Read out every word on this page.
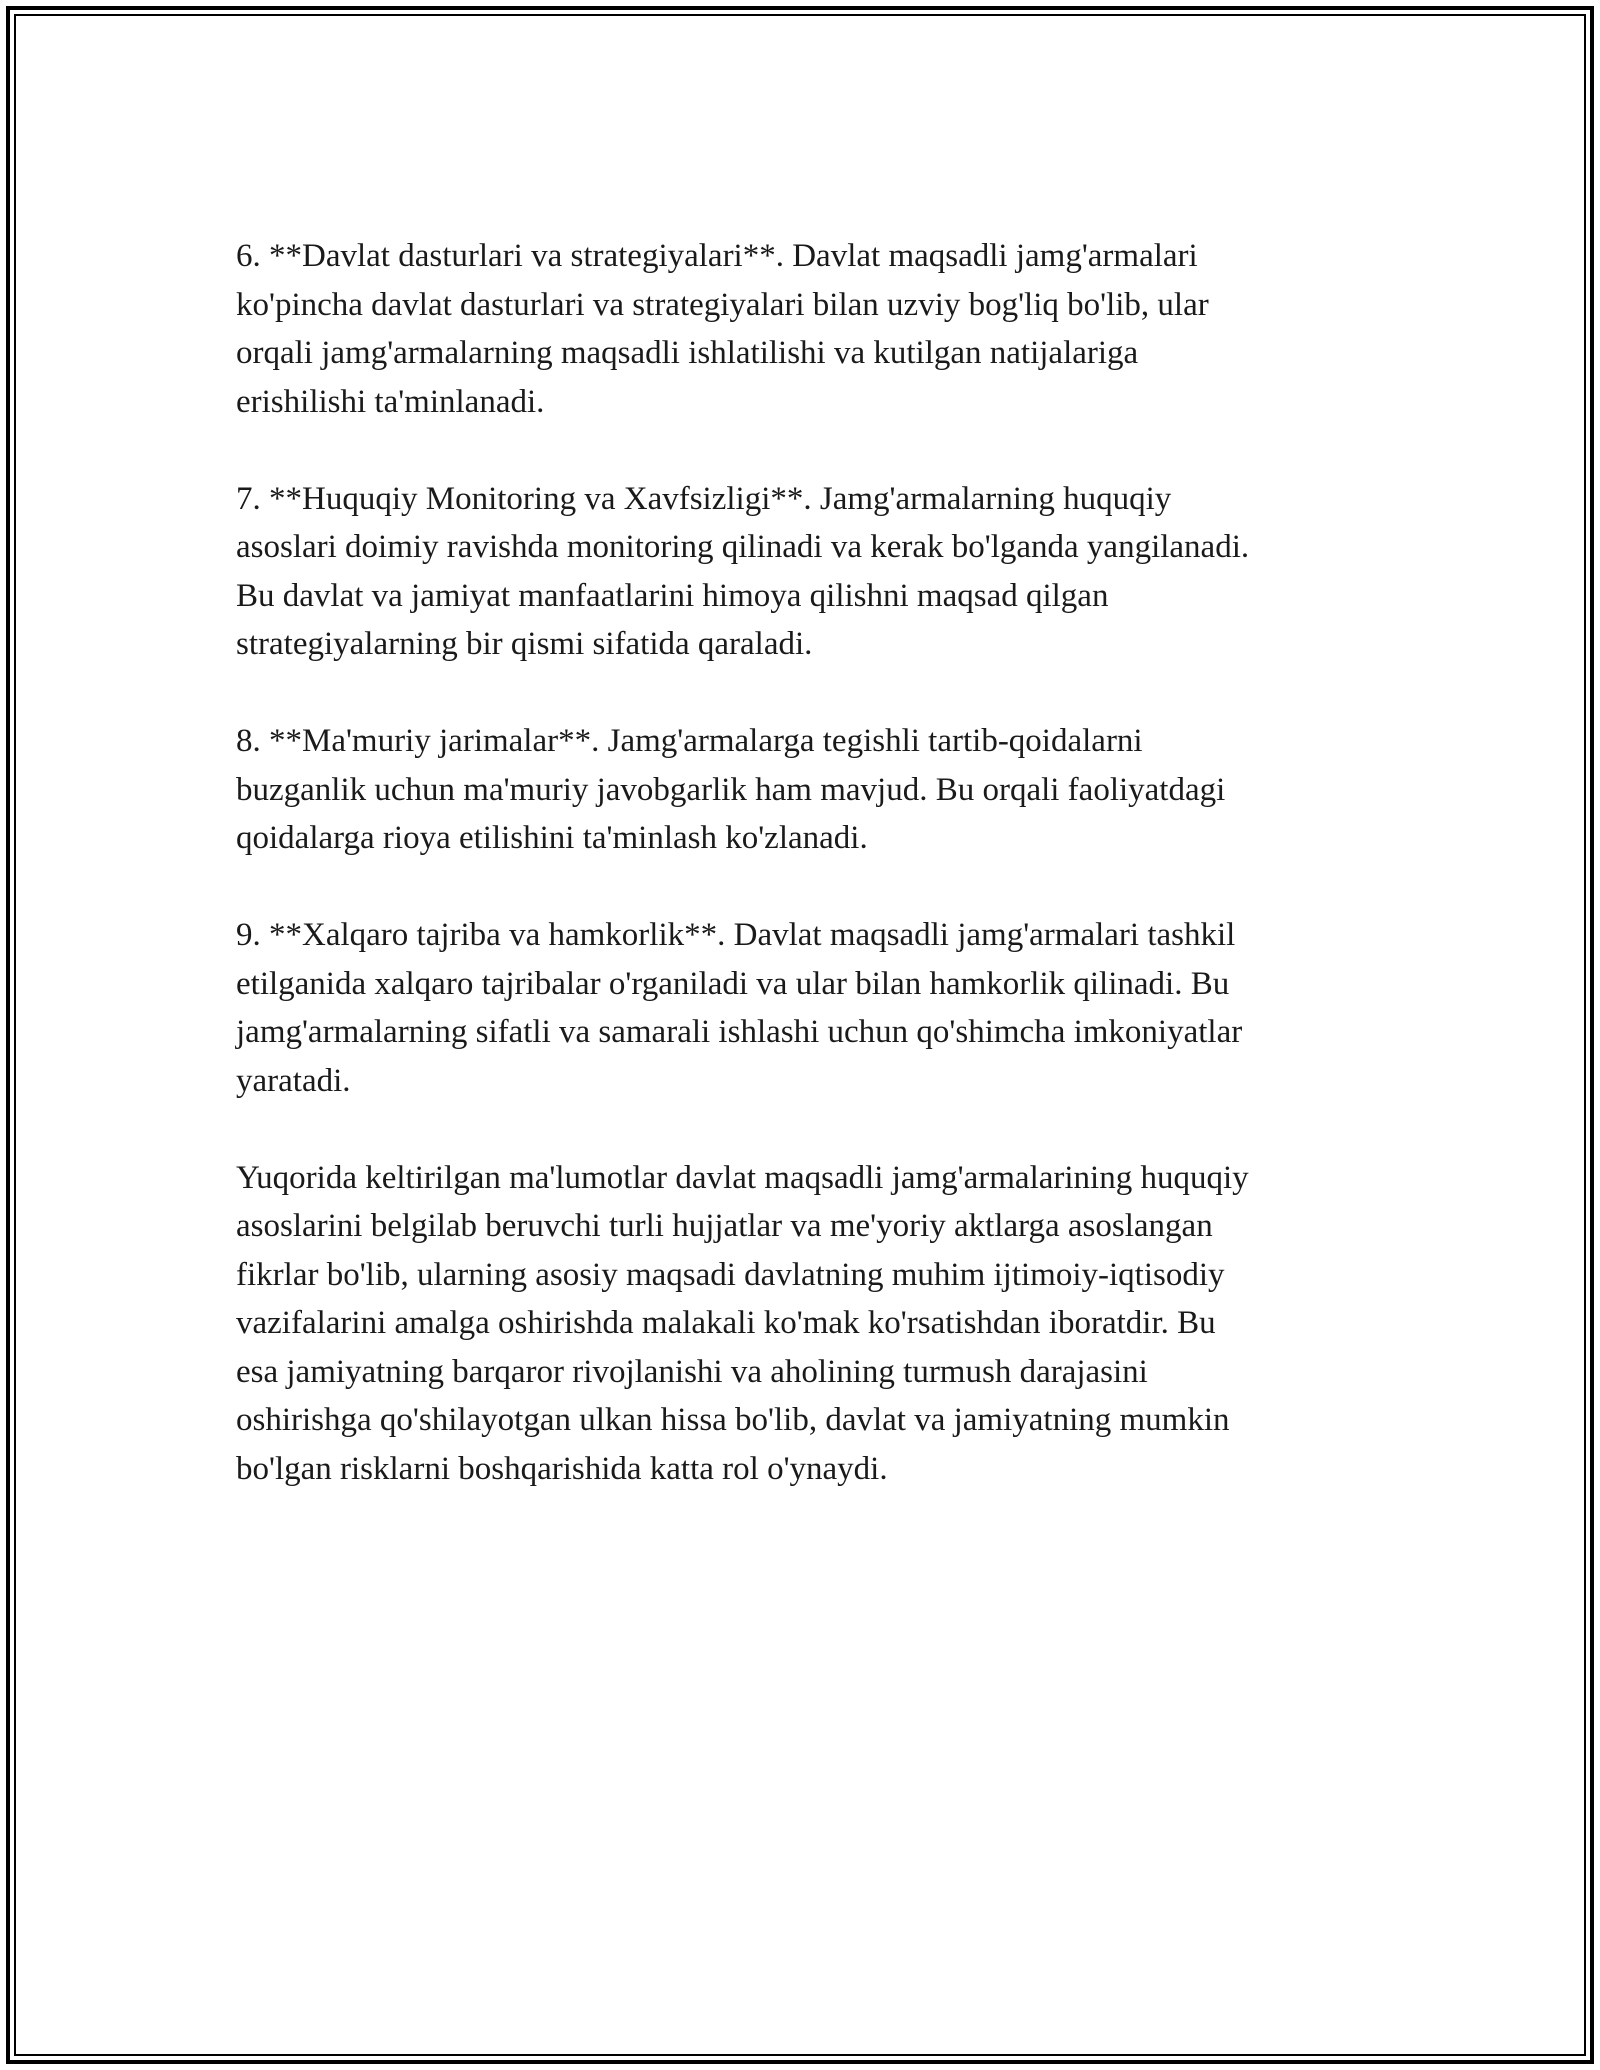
6. **Davlat dasturlari va strategiyalari**. Davlat maqsadli jamg'armalari
ko'pincha davlat dasturlari va strategiyalari bilan uzviy bog'liq bo'lib, ular
orqali jamg'armalarning maqsadli ishlatilishi va kutilgan natijalariga
erishilishi ta'minlanadi.

7. **Huquqiy Monitoring va Xavfsizligi**. Jamg'armalarning huquqiy
asoslari doimiy ravishda monitoring qilinadi va kerak bo'lganda yangilanadi.
Bu davlat va jamiyat manfaatlarini himoya qilishni maqsad qilgan
strategiyalarning bir qismi sifatida qaraladi.

8. **Ma'muriy jarimalar**. Jamg'armalarga tegishli tartib-qoidalarni
buzganlik uchun ma'muriy javobgarlik ham mavjud. Bu orqali faoliyatdagi
qoidalarga rioya etilishini ta'minlash ko'zlanadi.

9. **Xalqaro tajriba va hamkorlik**. Davlat maqsadli jamg'armalari tashkil
etilganida xalqaro tajribalar o'rganiladi va ular bilan hamkorlik qilinadi. Bu
jamg'armalarning sifatli va samarali ishlashi uchun qo'shimcha imkoniyatlar
yaratadi.

Yuqorida keltirilgan ma'lumotlar davlat maqsadli jamg'armalarining huquqiy
asoslarini belgilab beruvchi turli hujjatlar va me'yoriy aktlarga asoslangan
fikrlar bo'lib, ularning asosiy maqsadi davlatning muhim ijtimoiy-iqtisodiy
vazifalarini amalga oshirishda malakali ko'mak ko'rsatishdan iboratdir. Bu
esa jamiyatning barqaror rivojlanishi va aholining turmush darajasini
oshirishga qo'shilayotgan ulkan hissa bo'lib, davlat va jamiyatning mumkin
bo'lgan risklarni boshqarishida katta rol o'ynaydi.
